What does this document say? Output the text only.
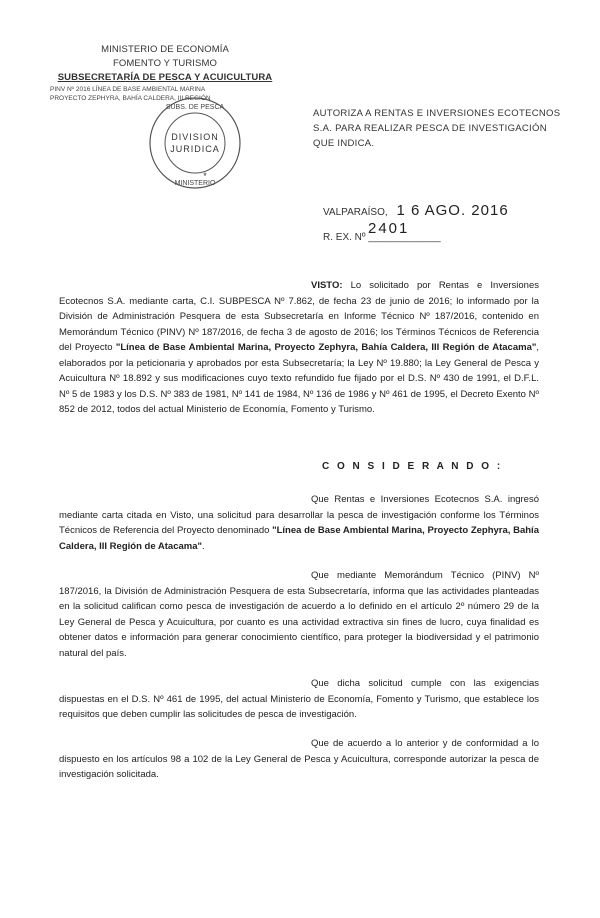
MINISTERIO DE ECONOMÍA
FOMENTO Y TURISMO
SUBSECRETARÍA DE PESCA Y ACUICULTURA
PINV Nº 2016 LÍNEA DE BASE AMBIENTAL MARINA
PROYECTO ZEPHYRA, BAHÍA CALDERA, III REGIÓN
SUBS. DE PESCA
MINISTERIO
DIVISION
JURIDICA
*
AUTORIZA A RENTAS E INVERSIONES ECOTECNOS S.A. PARA REALIZAR PESCA DE INVESTIGACIÓN QUE INDICA.
VALPARAÍSO, 1 6 AGO. 2016
2401
R. EX. Nº _____________
VISTO: Lo solicitado por Rentas e Inversiones Ecotecnos S.A. mediante carta, C.I. SUBPESCA Nº 7.862, de fecha 23 de junio de 2016; lo informado por la División de Administración Pesquera de esta Subsecretaría en Informe Técnico Nº 187/2016, contenido en Memorándum Técnico (PINV) Nº 187/2016, de fecha 3 de agosto de 2016; los Términos Técnicos de Referencia del Proyecto "Línea de Base Ambiental Marina, Proyecto Zephyra, Bahía Caldera, III Región de Atacama", elaborados por la peticionaria y aprobados por esta Subsecretaría; la Ley Nº 19.880; la Ley General de Pesca y Acuicultura Nº 18.892 y sus modificaciones cuyo texto refundido fue fijado por el D.S. Nº 430 de 1991, el D.F.L. Nº 5 de 1983 y los D.S. Nº 383 de 1981, Nº 141 de 1984, Nº 136 de 1986 y Nº 461 de 1995, el Decreto Exento Nº 852 de 2012, todos del actual Ministerio de Economía, Fomento y Turismo.
C O N S I D E R A N D O :
Que Rentas e Inversiones Ecotecnos S.A. ingresó mediante carta citada en Visto, una solicitud para desarrollar la pesca de investigación conforme los Términos Técnicos de Referencia del Proyecto denominado "Línea de Base Ambiental Marina, Proyecto Zephyra, Bahía Caldera, III Región de Atacama".
Que mediante Memorándum Técnico (PINV) Nº 187/2016, la División de Administración Pesquera de esta Subsecretaría, informa que las actividades planteadas en la solicitud califican como pesca de investigación de acuerdo a lo definido en el artículo 2º número 29 de la Ley General de Pesca y Acuicultura, por cuanto es una actividad extractiva sin fines de lucro, cuya finalidad es obtener datos e información para generar conocimiento científico, para proteger la biodiversidad y el patrimonio natural del país.
Que dicha solicitud cumple con las exigencias dispuestas en el D.S. Nº 461 de 1995, del actual Ministerio de Economía, Fomento y Turismo, que establece los requisitos que deben cumplir las solicitudes de pesca de investigación.
Que de acuerdo a lo anterior y de conformidad a lo dispuesto en los artículos 98 a 102 de la Ley General de Pesca y Acuicultura, corresponde autorizar la pesca de investigación solicitada.
